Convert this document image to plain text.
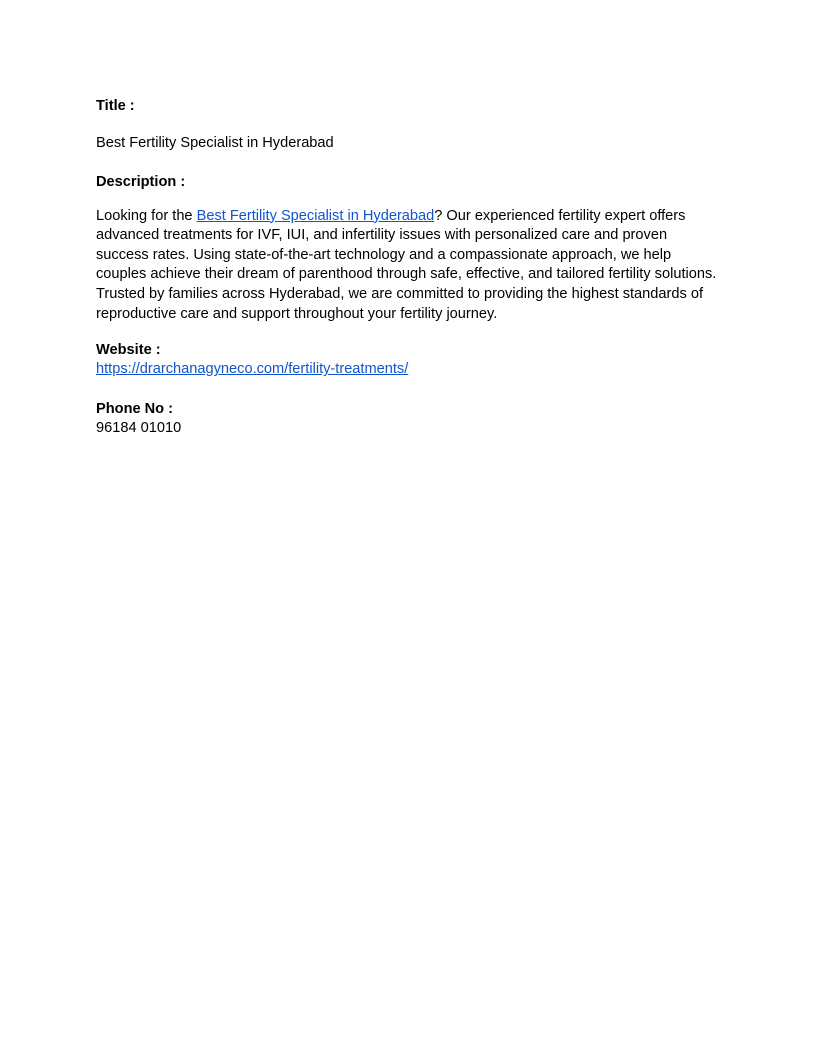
Title :

Best Fertility Specialist in Hyderabad

Description :

Looking for the Best Fertility Specialist in Hyderabad? Our experienced fertility expert offers advanced treatments for IVF, IUI, and infertility issues with personalized care and proven success rates. Using state-of-the-art technology and a compassionate approach, we help couples achieve their dream of parenthood through safe, effective, and tailored fertility solutions. Trusted by families across Hyderabad, we are committed to providing the highest standards of reproductive care and support throughout your fertility journey.

Website :

https://drarchanagyneco.com/fertility-treatments/

Phone No :

96184 01010
